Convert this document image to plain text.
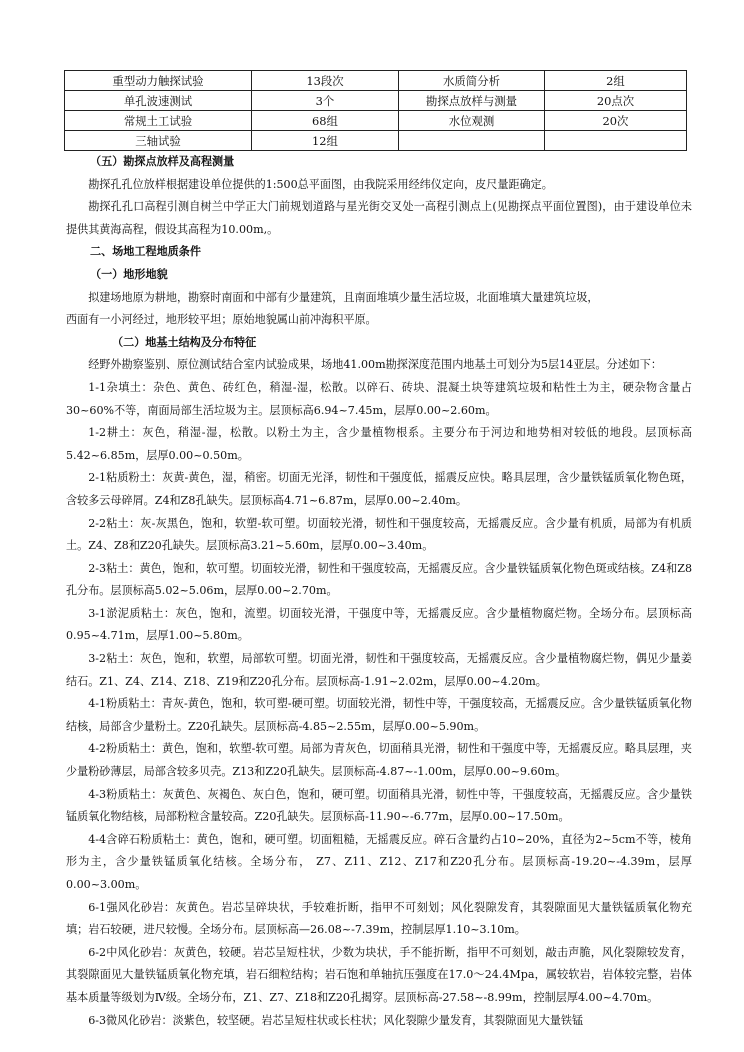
重型动力触探试验	13段次	水质简分析	2组
单孔波速测试	3个	勘探点放样与测量	20点次
常规土工试验	68组	水位观测	20次
三轴试验	12组		

（五）勘探点放样及高程测量

勘探孔孔位放样根据建设单位提供的1:500总平面图，由我院采用经纬仪定向，皮尺量距确定。

勘探孔孔口高程引测自树兰中学正大门前规划道路与星光街交叉处一高程引测点上(见勘探点平面位置图)，由于建设单位未提供其黄海高程，假设其高程为10.00m,。

二、场地工程地质条件

（一）地形地貌

拟建场地原为耕地，勘察时南面和中部有少量建筑，且南面堆填少量生活垃圾，北面堆填大量建筑垃圾，

西面有一小河经过，地形较平坦；原始地貌属山前冲海积平原。

（二）地基土结构及分布特征

经野外勘察鉴别、原位测试结合室内试验成果，场地41.00m勘探深度范围内地基土可划分为5层14亚层。分述如下：

1-1杂填土：杂色、黄色、砖红色，稍湿-湿，松散。以碎石、砖块、混凝土块等建筑垃圾和粘性土为主，硬杂物含量占30~60%不等，南面局部生活垃圾为主。层顶标高6.94~7.45m，层厚0.00~2.60m。

1-2耕土：灰色，稍湿-湿，松散。以粉土为主，含少量植物根系。主要分布于河边和地势相对较低的地段。层顶标高5.42~6.85m，层厚0.00~0.50m。

2-1粘质粉土：灰黄-黄色，湿，稍密。切面无光泽，韧性和干强度低，摇震反应快。略具层理，含少量铁锰质氧化物色斑，含较多云母碎屑。Z4和Z8孔缺失。层顶标高4.71~6.87m，层厚0.00~2.40m。

2-2粘土：灰-灰黑色，饱和，软塑-软可塑。切面较光滑，韧性和干强度较高，无摇震反应。含少量有机质，局部为有机质土。Z4、Z8和Z20孔缺失。层顶标高3.21~5.60m，层厚0.00~3.40m。

2-3粘土：黄色，饱和，软可塑。切面较光滑，韧性和干强度较高，无摇震反应。含少量铁锰质氧化物色斑或结核。Z4和Z8孔分布。层顶标高5.02~5.06m，层厚0.00~2.70m。

3-1淤泥质粘土：灰色，饱和，流塑。切面较光滑，干强度中等，无摇震反应。含少量植物腐烂物。全场分布。层顶标高0.95~4.71m，层厚1.00~5.80m。

3-2粘土：灰色，饱和，软塑，局部软可塑。切面光滑，韧性和干强度较高，无摇震反应。含少量植物腐烂物，偶见少量姜结石。Z1、Z4、Z14、Z18、Z19和Z20孔分布。层顶标高-1.91~2.02m，层厚0.00~4.20m。

4-1粉质粘土：青灰-黄色，饱和，软可塑-硬可塑。切面较光滑，韧性中等，干强度较高，无摇震反应。含少量铁锰质氧化物结核，局部含少量粉土。Z20孔缺失。层顶标高-4.85~2.55m，层厚0.00~5.90m。

4-2粉质粘土：黄色，饱和，软塑-软可塑。局部为青灰色，切面稍具光滑，韧性和干强度中等，无摇震反应。略具层理，夹少量粉砂薄层，局部含较多贝壳。Z13和Z20孔缺失。层顶标高-4.87~-1.00m，层厚0.00~9.60m。

4-3粉质粘土：灰黄色、灰褐色、灰白色，饱和，硬可塑。切面稍具光滑，韧性中等，干强度较高，无摇震反应。含少量铁锰质氧化物结核，局部粉粒含量较高。Z20孔缺失。层顶标高-11.90~-6.77m，层厚0.00~17.50m。

4-4含碎石粉质粘土：黄色，饱和，硬可塑。切面粗糙，无摇震反应。碎石含量约占10~20%，直径为2~5cm不等，棱角形为主，含少量铁锰质氧化结核。全场分布， Z7、Z11、Z12、Z17和Z20孔分布。层顶标高-19.20~-4.39m，层厚0.00~3.00m。

6-1强风化砂岩：灰黄色。岩芯呈碎块状，手较难折断，指甲不可刻划；风化裂隙发育，其裂隙面见大量铁锰质氧化物充填；岩石较硬，进尺较慢。全场分布。层顶标高—26.08~-7.39m，控制层厚1.10~3.10m。

6-2中风化砂岩：灰黄色，较硬。岩芯呈短柱状，少数为块状，手不能折断，指甲不可刻划，敲击声脆，风化裂隙较发育，其裂隙面见大量铁锰质氧化物充填，岩石细粒结构；岩石饱和单轴抗压强度在17.0～24.4Mpa，属较软岩，岩体较完整，岩体基本质量等级划为Ⅳ级。全场分布，Z1、Z7、Z18和Z20孔揭穿。层顶标高-27.58~-8.99m，控制层厚4.00~4.70m。

6-3微风化砂岩：淡紫色，较坚硬。岩芯呈短柱状或长柱状；风化裂隙少量发育，其裂隙面见大量铁锰
